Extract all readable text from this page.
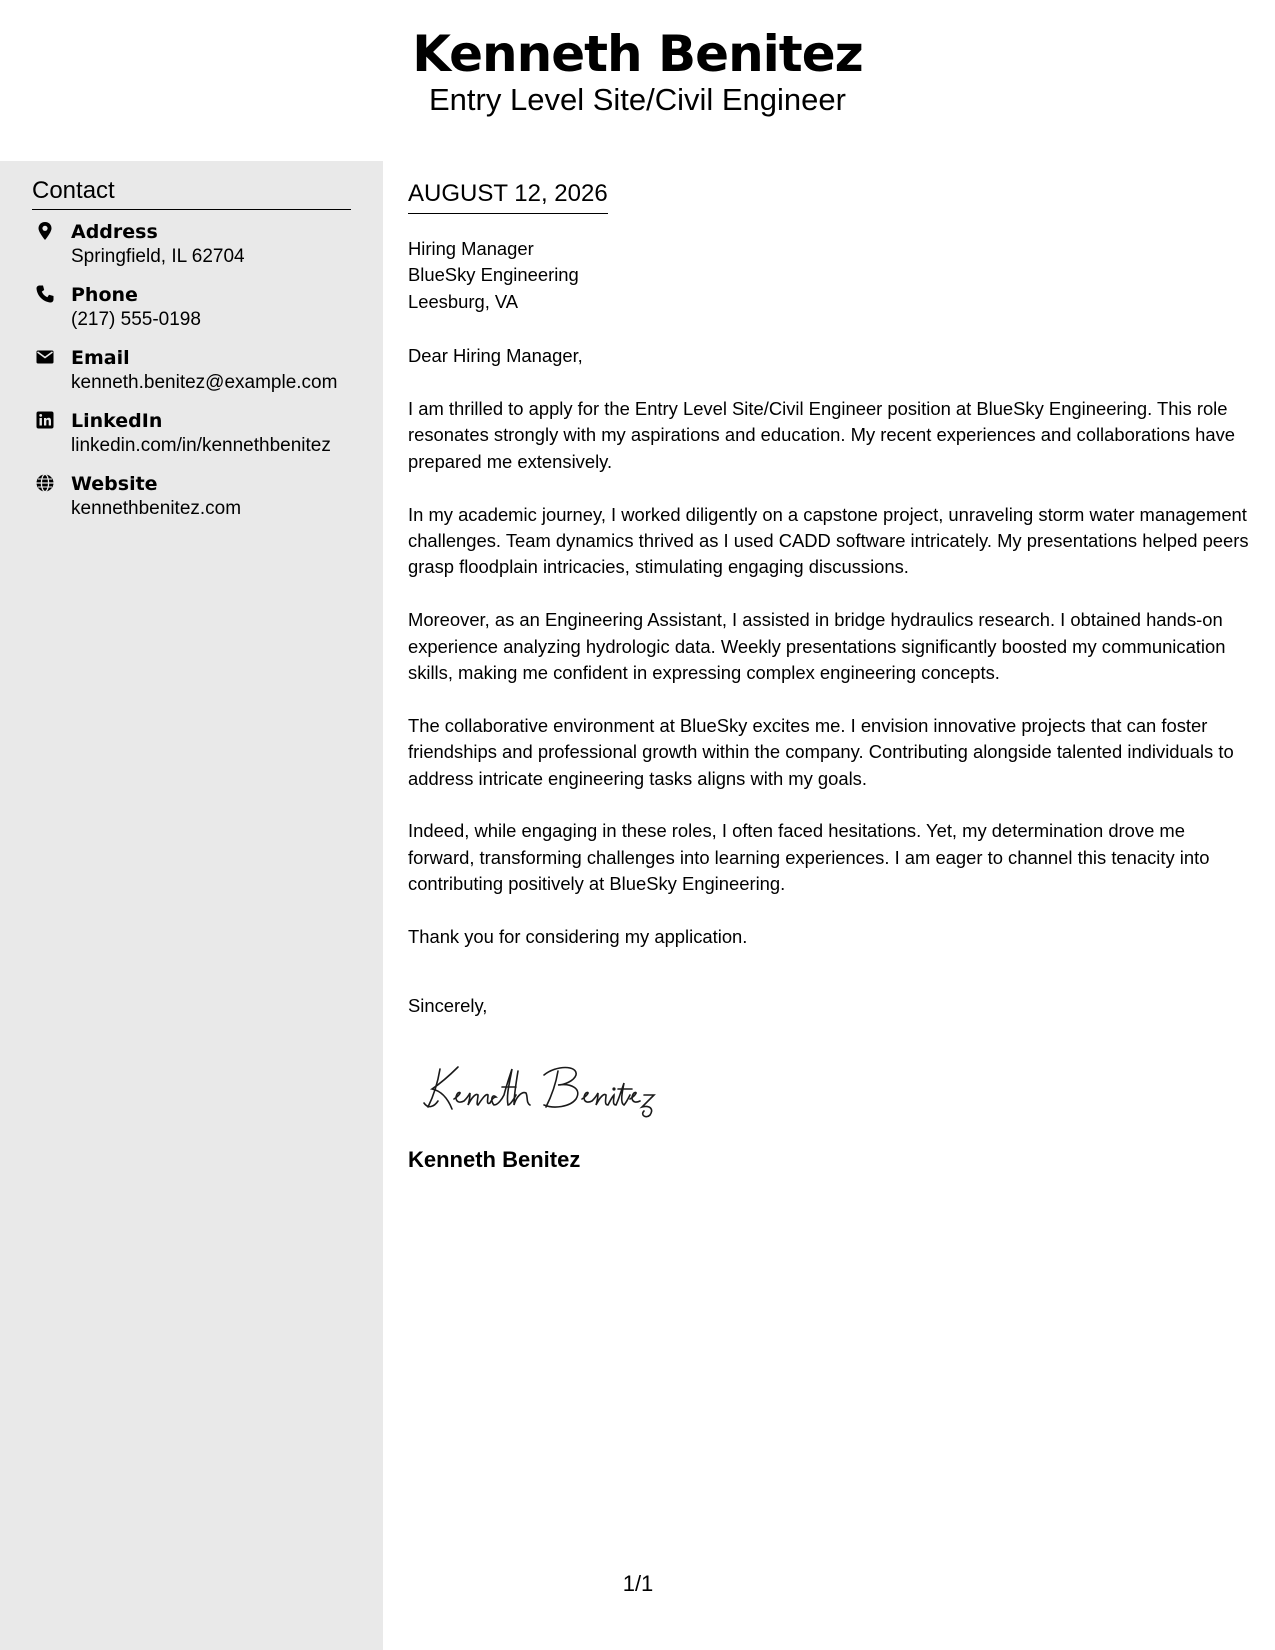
Kenneth Benitez
Entry Level Site/Civil Engineer
Contact
Address
Springfield, IL 62704
Phone
(217) 555-0198
Email
kenneth.benitez@example.com
LinkedIn
linkedin.com/in/kennethbenitez
Website
kennethbenitez.com
AUGUST 12, 2026
Hiring Manager
BlueSky Engineering
Leesburg, VA
Dear Hiring Manager,

I am thrilled to apply for the Entry Level Site/Civil Engineer position at BlueSky Engineering. This role resonates strongly with my aspirations and education. My recent experiences and collaborations have prepared me extensively.

In my academic journey, I worked diligently on a capstone project, unraveling storm water management challenges. Team dynamics thrived as I used CADD software intricately. My presentations helped peers grasp floodplain intricacies, stimulating engaging discussions.

Moreover, as an Engineering Assistant, I assisted in bridge hydraulics research. I obtained hands-on experience analyzing hydrologic data. Weekly presentations significantly boosted my communication skills, making me confident in expressing complex engineering concepts.

The collaborative environment at BlueSky excites me. I envision innovative projects that can foster friendships and professional growth within the company. Contributing alongside talented individuals to address intricate engineering tasks aligns with my goals.

Indeed, while engaging in these roles, I often faced hesitations. Yet, my determination drove me forward, transforming challenges into learning experiences. I am eager to channel this tenacity into contributing positively at BlueSky Engineering.

Thank you for considering my application.

Sincerely,
Kenneth Benitez
1/1
